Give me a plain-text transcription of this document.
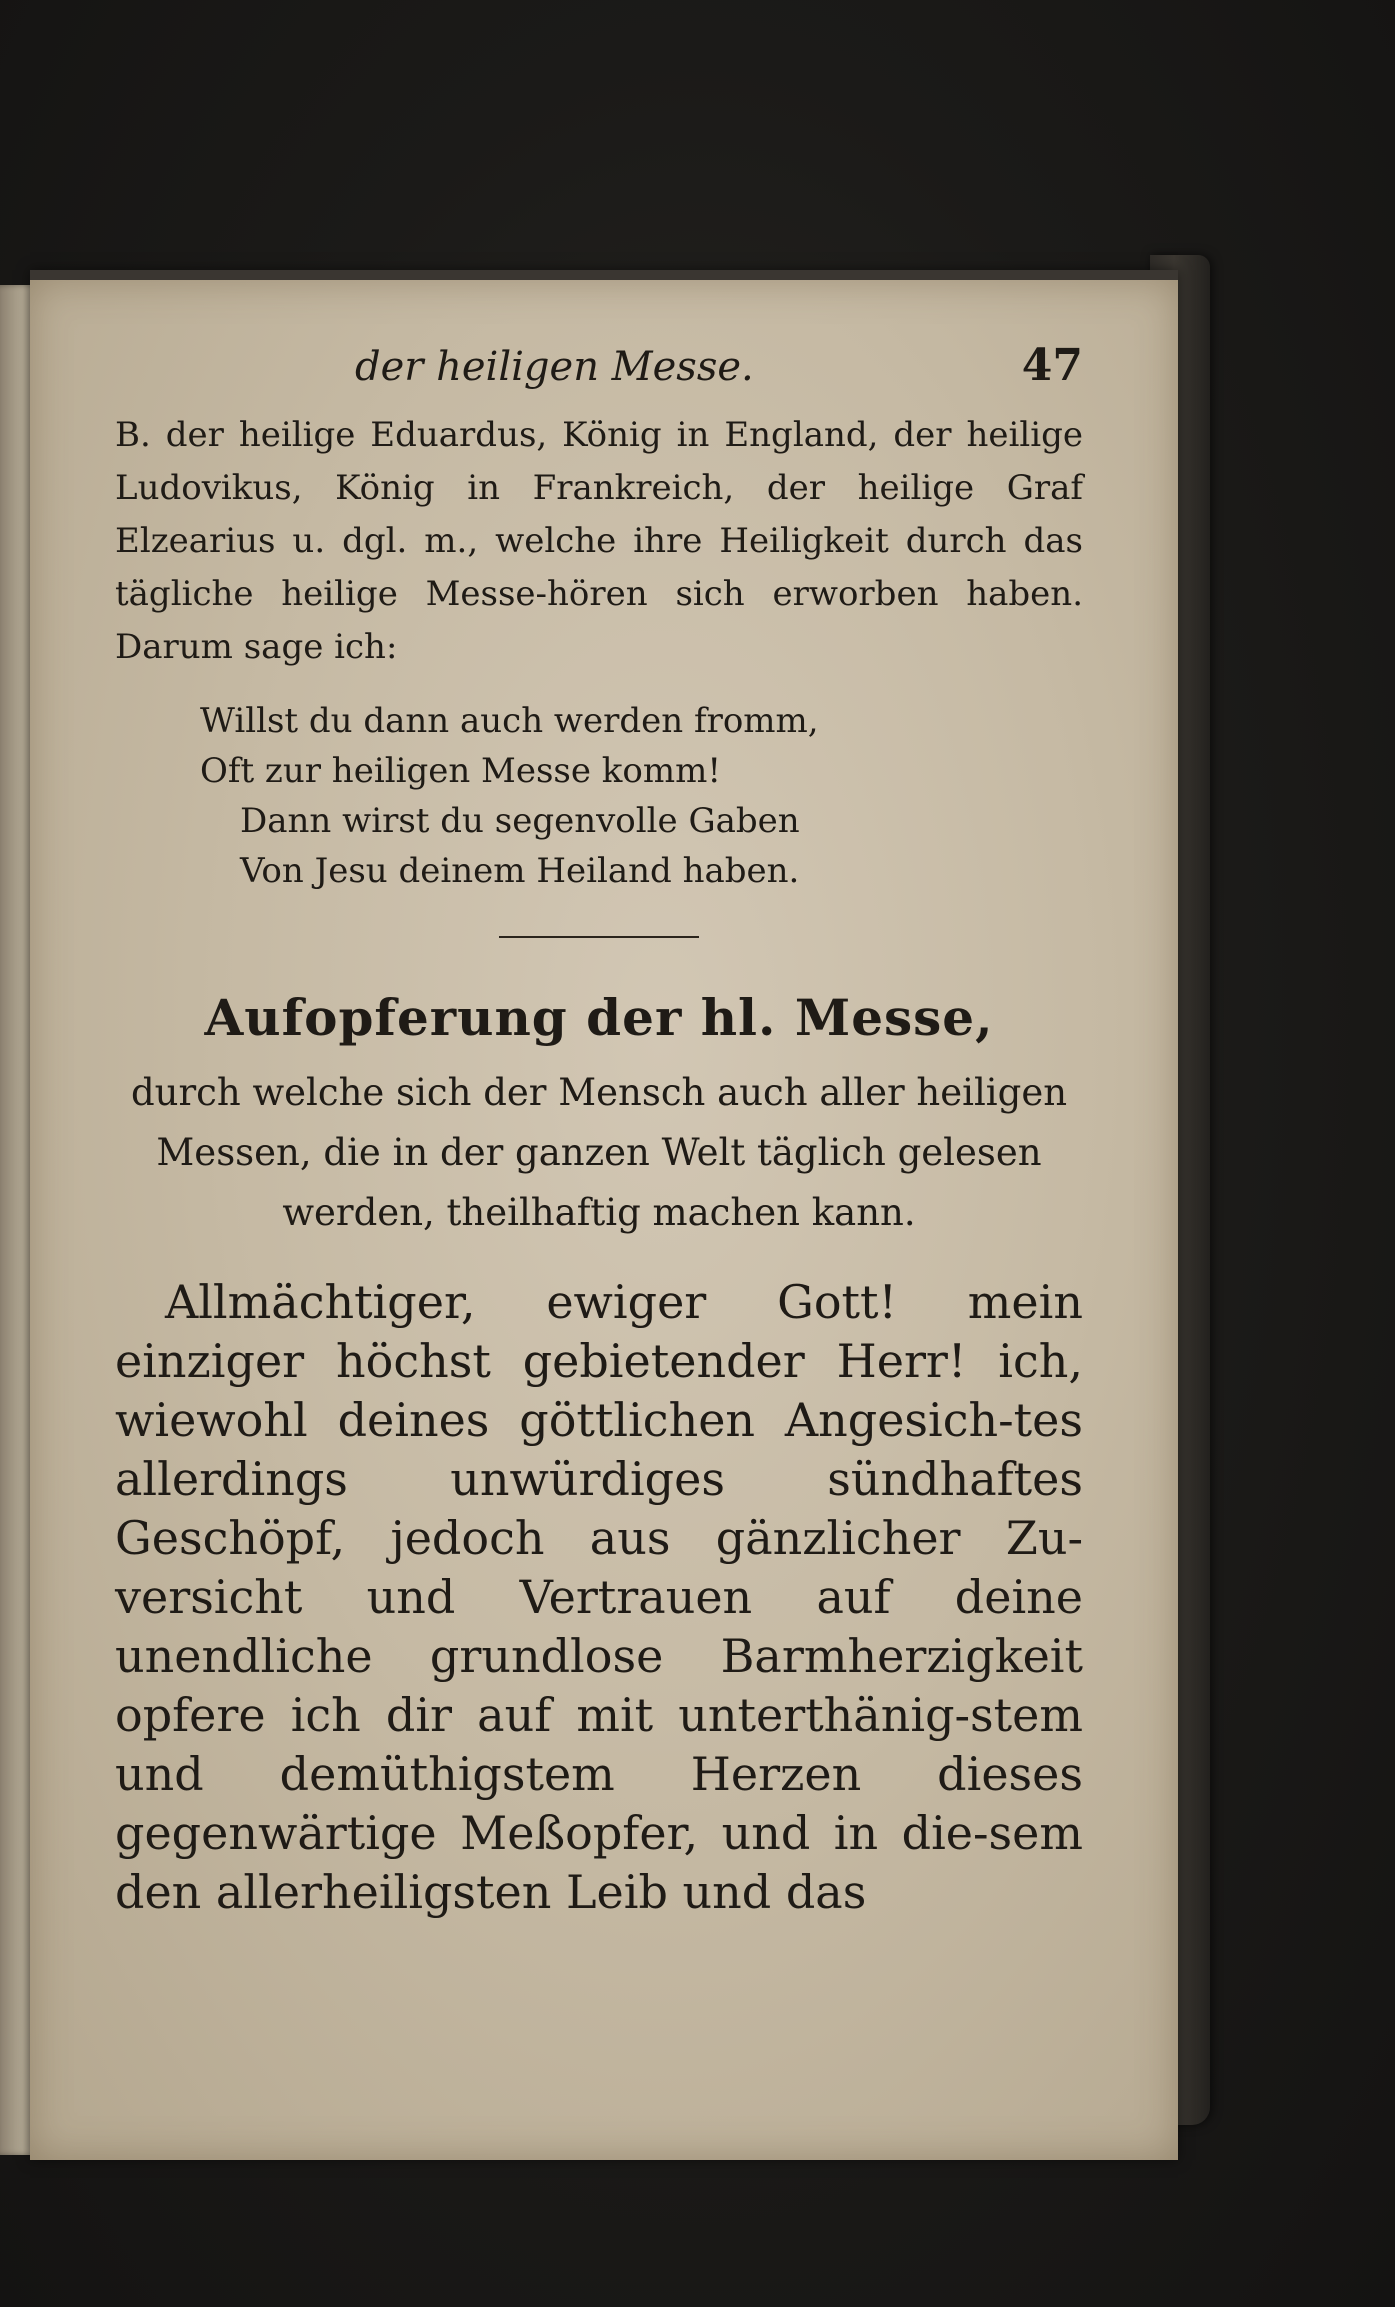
der heiligen Messe.	47

B. der heilige Eduardus, König in England, der heilige Ludovikus, König in Frankreich, der heilige Graf Elzearius u. dgl. m., welche ihre Heiligkeit durch das tägliche heilige Messe-hören sich erworben haben. Darum sage ich:

Willst du dann auch werden fromm,
Oft zur heiligen Messe komm!
Dann wirst du segenvolle Gaben
Von Jesu deinem Heiland haben.
Aufopferung der hl. Messe,

durch welche sich der Mensch auch aller heiligen Messen, die in der ganzen Welt täglich gelesen werden, theilhaftig machen kann.

Allmächtiger, ewiger Gott! mein einziger höchst gebietender Herr! ich, wiewohl deines göttlichen Angesich-tes allerdings unwürdiges sündhaftes Geschöpf, jedoch aus gänzlicher Zu-versicht und Vertrauen auf deine unendliche grundlose Barmherzigkeit opfere ich dir auf mit unterthänig-stem und demüthigstem Herzen dieses gegenwärtige Meßopfer, und in die-sem den allerheiligsten Leib und das
